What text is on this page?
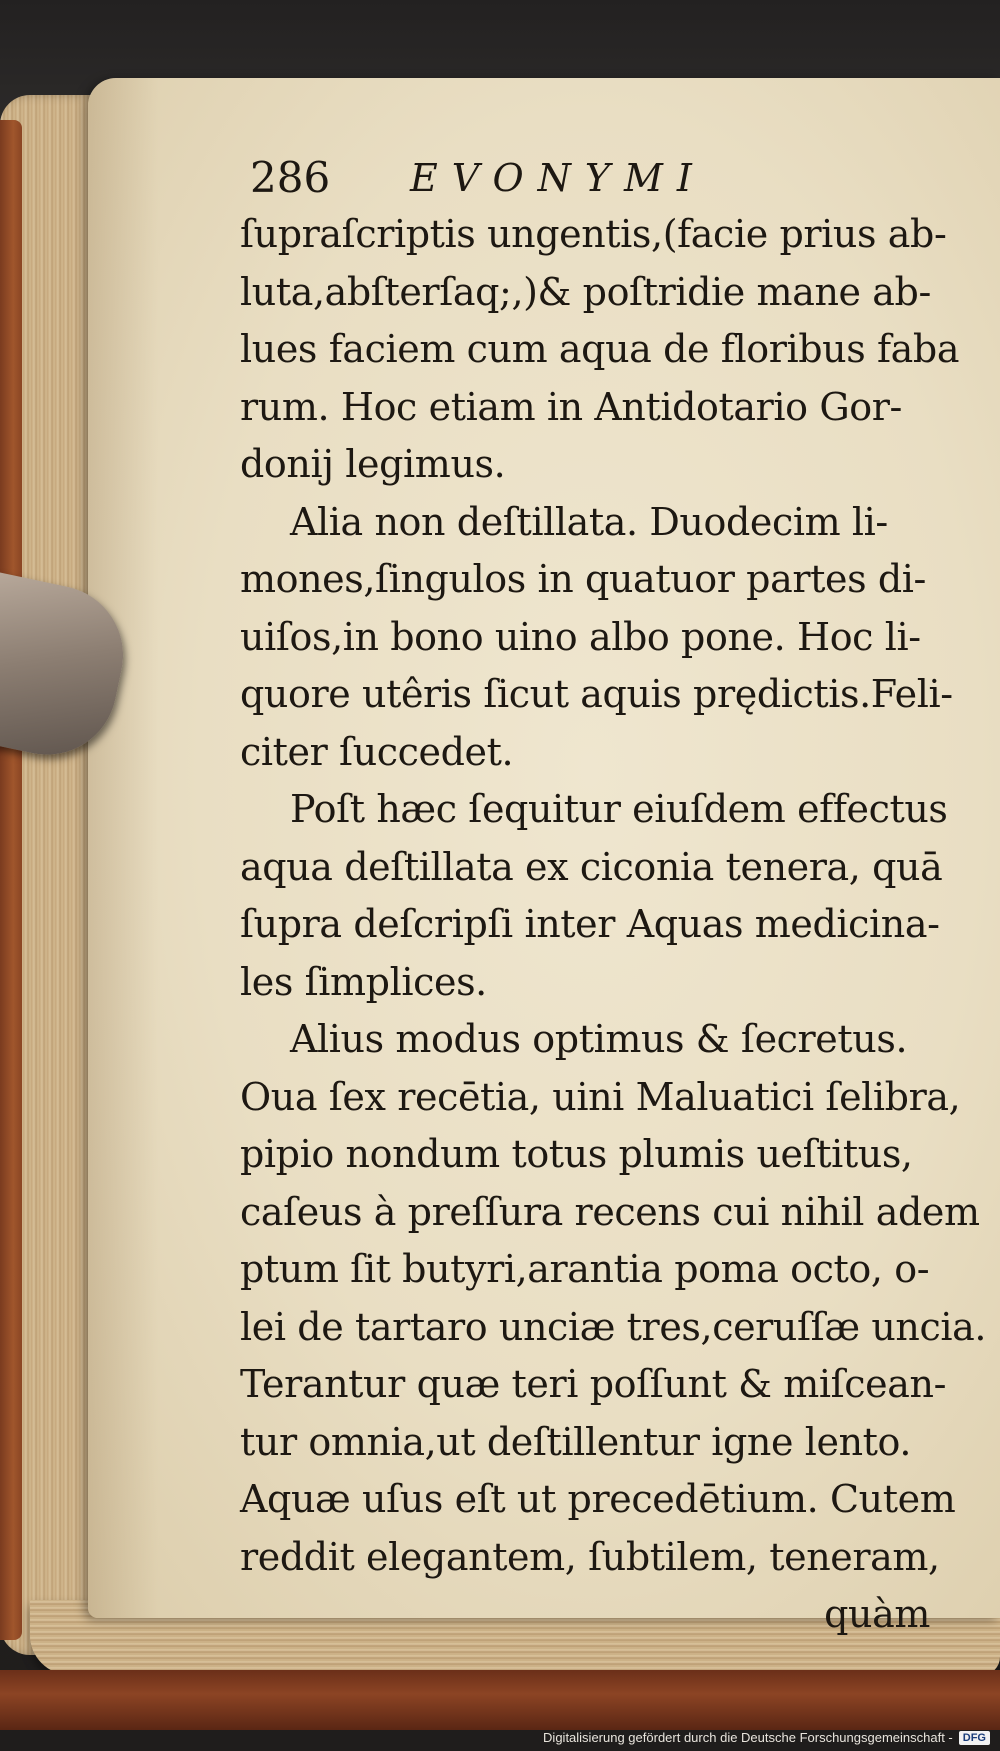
286 EVONYMI
ſupraſcriptis ungentis,(facie prius ab-
luta,abſterſaq;,)& poſtridie mane ab-
lues faciem cum aqua de floribus faba
rum. Hoc etiam in Antidotario Gor-
donij legimus.
Alia non deſtillata. Duodecim li-
mones,ſingulos in quatuor partes di-
uiſos,in bono uino albo pone. Hoc li-
quore utêris ſicut aquis prędictis.Feli-
citer ſuccedet.
Poſt hæc ſequitur eiuſdem effectus
aqua deſtillata ex ciconia tenera, quā
ſupra deſcripſi inter Aquas medicina-
les ſimplices.
Alius modus optimus & ſecretus.
Oua ſex recētia, uini Maluatici ſelibra,
pipio nondum totus plumis ueſtitus,
caſeus à preſſura recens cui nihil adem
ptum ſit butyri,arantia poma octo, o-
lei de tartaro unciæ tres,ceruſſæ uncia.
Terantur quæ teri poſſunt & miſcean-
tur omnia,ut deſtillentur igne lento.
Aquæ uſus eſt ut precedētium. Cutem
reddit elegantem, ſubtilem, teneram,
quàm
Digitalisierung gefördert durch die Deutsche Forschungsgemeinschaft - DFG
